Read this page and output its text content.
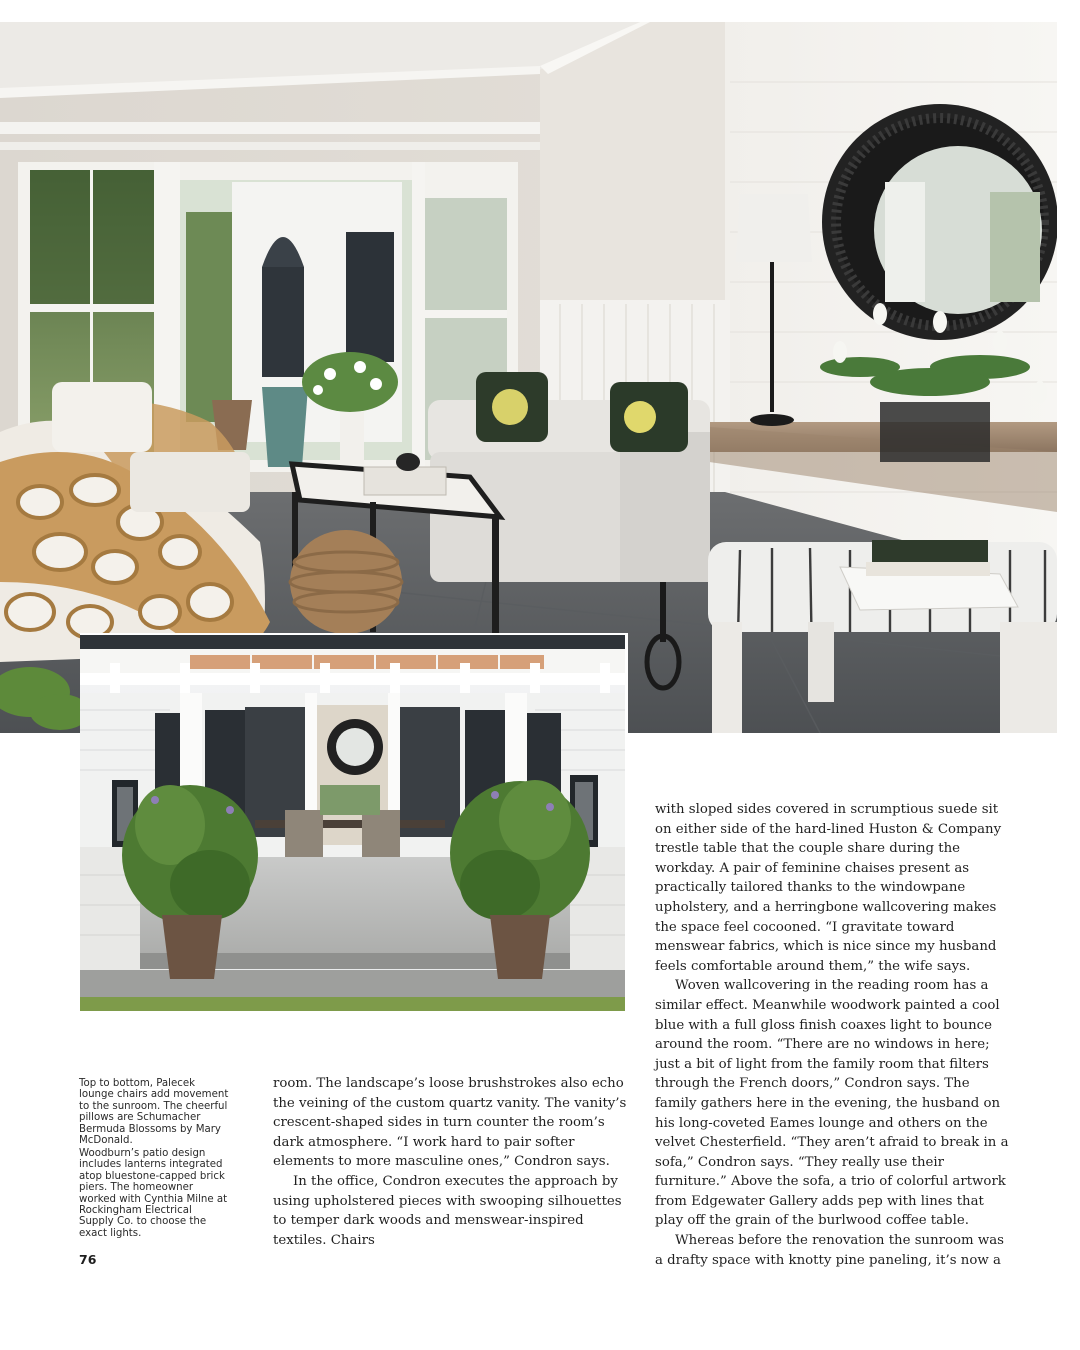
Top to bottom, Palecek lounge chairs add movement to the sunroom. The cheerful pillows are Schumacher Bermuda Blossoms by Mary McDonald.

Woodburn’s patio design includes lanterns integrated atop bluestone-capped brick piers. The homeowner worked with Cynthia Milne at Rockingham Electrical Supply Co. to choose the exact lights.

room. The landscape’s loose brushstrokes also echo the veining of the custom quartz vanity. The vanity’s crescent-shaped sides in turn counter the room’s dark atmosphere. “I work hard to pair softer elements to more masculine ones,” Condron says.

In the office, Condron executes the approach by using upholstered pieces with swooping silhouettes to temper dark woods and menswear-inspired textiles. Chairs

with sloped sides covered in scrumptious suede sit on either side of the hard-lined Huston & Company trestle table that the couple share during the workday. A pair of feminine chaises present as practically tailored thanks to the windowpane upholstery, and a herringbone wallcovering makes the space feel cocooned. “I gravitate toward menswear fabrics, which is nice since my husband feels comfortable around them,” the wife says.

Woven wallcovering in the reading room has a similar effect. Meanwhile woodwork painted a cool blue with a full gloss finish coaxes light to bounce around the room. “There are no windows in here; just a bit of light from the family room that filters through the French doors,” Condron says. The family gathers here in the evening, the husband on his long-coveted Eames lounge and others on the velvet Chesterfield. “They aren’t afraid to break in a sofa,” Condron says. “They really use their furniture.” Above the sofa, a trio of colorful artwork from Edgewater Gallery adds pep with lines that play off the grain of the burlwood coffee table.

Whereas before the renovation the sunroom was a drafty space with knotty pine paneling, it’s now a

76
